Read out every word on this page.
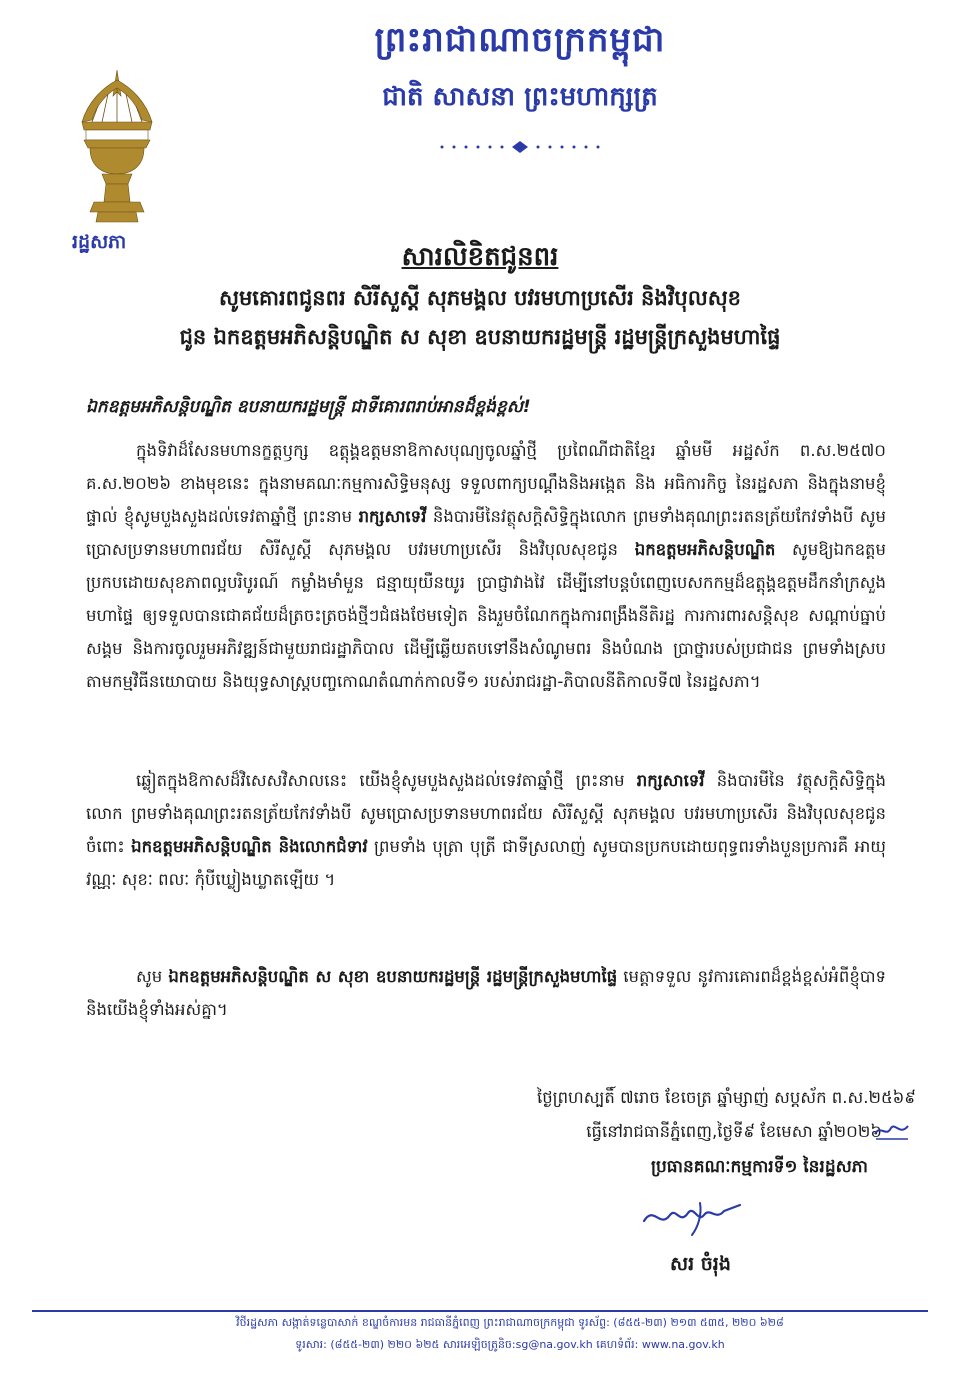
រដ្ឋសភា
ព្រះរាជាណាចក្រកម្ពុជា
ជាតិ សាសនា ព្រះមហាក្សត្រ
សារលិខិតជូនពរ
សូមគោរពជូនពរ សិរីសួស្តី សុភមង្គល បវរមហាប្រសើរ និងវិបុលសុខ
ជូន ឯកឧត្តមអភិសន្តិបណ្ឌិត ស សុខា ឧបនាយករដ្ឋមន្ត្រី រដ្ឋមន្ត្រីក្រសួងមហាផ្ទៃ
ឯកឧត្តមអភិសន្តិបណ្ឌិត ឧបនាយករដ្ឋមន្ត្រី ជាទីគោរពរាប់អានដ៏ខ្ពង់ខ្ពស់!
ក្នុងទិវាដ៏សែនមហានក្ខត្តឫក្ស ឧត្តុង្គឧត្តមនាឱកាសបុណ្យចូលឆ្នាំថ្មី ប្រពៃណីជាតិខ្មែរ ឆ្នាំមមី អដ្ឋស័ក ព.ស.២៥៧០ គ.ស.២០២៦ ខាងមុខនេះ ក្នុងនាមគណៈកម្មការសិទ្ធិមនុស្ស ទទួលពាក្យបណ្តឹងនិងអង្កេត និង អធិការកិច្ច នៃរដ្ឋសភា និងក្នុងនាមខ្ញុំផ្ទាល់ ខ្ញុំសូមបួងសួងដល់ទេវតាឆ្នាំថ្មី ព្រះនាម រាក្សសាទេវី និងបារមីនៃវត្ថុសក្តិសិទ្ធិក្នុងលោក ព្រមទាំងគុណព្រះរតនត្រ័យកែវទាំងបី សូមប្រោសប្រទានមហាពរជ័យ សិរីសួស្តី សុភមង្គល បវរមហាប្រសើរ និងវិបុលសុខជូន ឯកឧត្តមអភិសន្តិបណ្ឌិត សូមឱ្យឯកឧត្តមប្រកបដោយសុខភាពល្អបរិបូរណ៍ កម្លាំងមាំមួន ជន្មាយុយឺនយូរ ប្រាជ្ញាវាងវៃ ដើម្បីនៅបន្តបំពេញបេសកកម្មដ៏ឧត្តុង្គឧត្តមដឹកនាំក្រសួងមហាផ្ទៃ ឲ្យទទួលបានជោគជ័យដ៏ត្រចះត្រចង់ថ្មីៗជំផងថែមទៀត និងរួមចំណែកក្នុងការពង្រឹងនីតិរដ្ឋ ការការពារសន្តិសុខ សណ្តាប់ធ្នាប់សង្គម និងការចូលរួមអភិវឌ្ឍន៍ជាមួយរាជរដ្ឋាភិបាល ដើម្បីឆ្លើយតបទៅនឹងសំណូមពរ និងបំណង ប្រាថ្នារបស់ប្រជាជន ព្រមទាំងស្របតាមកម្មវិធីនយោបាយ និងយុទ្ធសាស្ត្របញ្ចកោណតំណាក់កាលទី១ របស់រាជរដ្ឋា-ភិបាលនីតិកាលទី៧ នៃរដ្ឋសភា។
ឆ្លៀតក្នុងឱកាសដ៏វិសេសវិសាលនេះ យើងខ្ញុំសូមបួងសួងដល់ទេវតាឆ្នាំថ្មី ព្រះនាម រាក្សសាទេវី និងបារមីនៃ វត្ថុសក្តិសិទ្ធិក្នុងលោក ព្រមទាំងគុណព្រះរតនត្រ័យកែវទាំងបី សូមប្រោសប្រទានមហាពរជ័យ សិរីសួស្តី សុភមង្គល បវរមហាប្រសើរ និងវិបុលសុខជូនចំពោះ ឯកឧត្តមអភិសន្តិបណ្ឌិត និងលោកជំទាវ ព្រមទាំង បុត្រា បុត្រី ជាទីស្រលាញ់ សូមបានប្រកបដោយពុទ្ធពរទាំងបួនប្រការគឺ អាយុ វណ្ណៈ សុខៈ ពលៈ កុំបីឃ្លៀងឃ្លាតឡើយ ។
សូម ឯកឧត្តមអភិសន្តិបណ្ឌិត ស សុខា ឧបនាយករដ្ឋមន្ត្រី រដ្ឋមន្ត្រីក្រសួងមហាផ្ទៃ មេត្តាទទួល នូវការគោរពដ៏ខ្ពង់ខ្ពស់អំពីខ្ញុំបាទ និងយើងខ្ញុំទាំងអស់គ្នា។
ថ្ងៃព្រហស្បតិ៍ ៧រោច ខែចេត្រ ឆ្នាំម្សាញ់ សប្តស័ក ព.ស.២៥៦៩
ធ្វើនៅរាជធានីភ្នំពេញ,ថ្ងៃទី៩ ខែមេសា ឆ្នាំ២០២៦
ប្រធានគណៈកម្មការទី១ នៃរដ្ឋសភា
សរ ចំរុង
វិថីរដ្ឋសភា សង្កាត់ទន្លេបាសាក់ ខណ្ឌចំការមន រាជធានីភ្នំពេញ ព្រះរាជាណាចក្រកម្ពុជា ទូរស័ព្ទ: (៨៥៥-២៣) ២១៣ ៥៣៥, ២២០ ៦២៨
ទូរសារ: (៨៥៥-២៣) ២២០ ៦២៥ សារអេឡិចត្រូនិច:sg@na.gov.kh គេហទំព័រ: www.na.gov.kh
